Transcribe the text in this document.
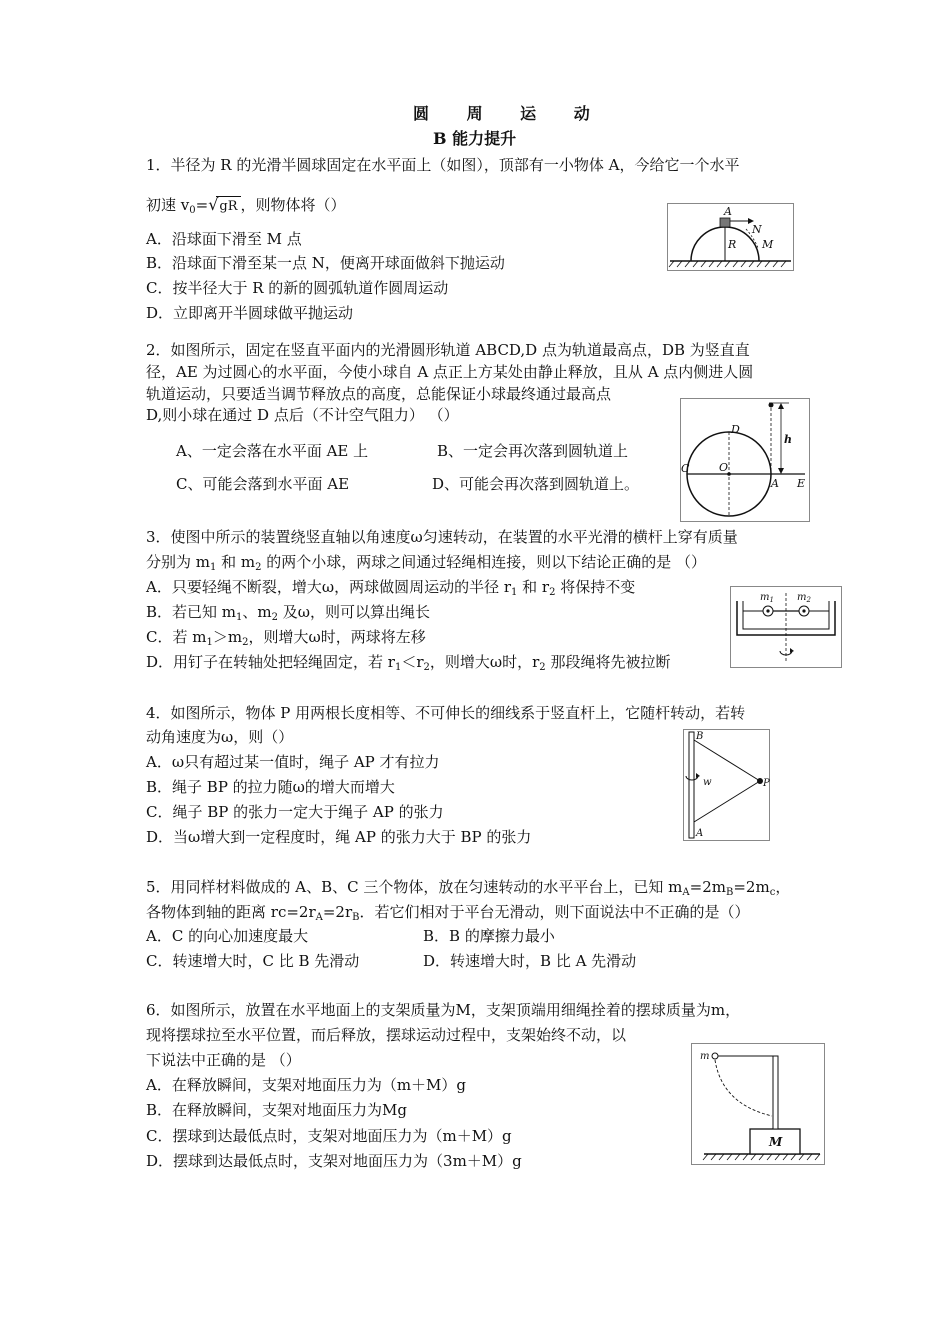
圆 周 运 动
B 能力提升
1．半径为 R 的光滑半圆球固定在水平面上（如图），顶部有一小物体 A，今给它一个水平
初速 $v_0=√gR$ ，则物体将（）
A．沿球面下滑至 M 点
B．沿球面下滑至某一点 N，便离开球面做斜下抛运动
C．按半径大于 R 的新的圆弧轨道作圆周运动
D．立即离开半圆球做平抛运动
A
N
R M
2．如图所示，固定在竖直平面内的光滑圆形轨道 ABCD,D 点为轨道最高点，DB 为竖直直
径，AE 为过圆心的水平面，今使小球自 A 点正上方某处由静止释放，且从 A 点内侧进人圆
轨道运动，只要适当调节释放点的高度，总能保证小球最终通过最高点
D,则小球在通过 D 点后（不计空气阻力） （）
A、一定会落在水平面 AE 上	B、一定会再次落到圆轨道上
C、可能会落到水平面 AE	D、可能会再次落到圆轨道上。
D
h
C	O
A E
3．使图中所示的装置绕竖直轴以角速度ω匀速转动，在装置的水平光滑的横杆上穿有质量
分别为 $m_1$ 和 $m_2$ 的两个小球，两球之间通过轻绳相连接，则以下结论正确的是 （）
A．只要轻绳不断裂，增大ω，两球做圆周运动的半径 $r_1$ 和 $r_2$ 将保持不变
B．若已知 $m_1$、$m_2$ 及ω，则可以算出绳长
C．若 $m_1>m_2$，则增大ω时，两球将左移
D．用钉子在转轴处把轻绳固定，若 $r_1<r_2$，则增大ω时，$r_2$ 那段绳将先被拉断
$m_1$ $m_2$
4．如图所示，物体 P 用两根长度相等、不可伸长的细线系于竖直杆上，它随杆转动，若转
动角速度为ω，则（）
A．ω只有超过某一值时，绳子 AP 才有拉力
B．绳子 BP 的拉力随ω的增大而增大
C．绳子 BP 的张力一定大于绳子 AP 的张力
D．当ω增大到一定程度时，绳 AP 的张力大于 BP 的张力
B
w	P
A
5．用同样材料做成的 A、B、C 三个物体，放在匀速转动的水平平台上，已知 $m_A=2m_B=2m_c$，
各物体到轴的距离 $rc=2r_A=2r_B$．若它们相对于平台无滑动，则下面说法中不正确的是（）
A．C 的向心加速度最大	B．B 的摩擦力最小
C．转速增大时，C 比 B 先滑动	D．转速增大时，B 比 A 先滑动
6．如图所示，放置在水平地面上的支架质量为M，支架顶端用细绳拴着的摆球质量为m，
现将摆球拉至水平位置，而后释放，摆球运动过程中，支架始终不动，以
下说法中正确的是 （）
A．在释放瞬间，支架对地面压力为（m＋M）g
B．在释放瞬间，支架对地面压力为Mg
C．摆球到达最低点时，支架对地面压力为（m＋M）g
D．摆球到达最低点时，支架对地面压力为（3m＋M）g
m
M
